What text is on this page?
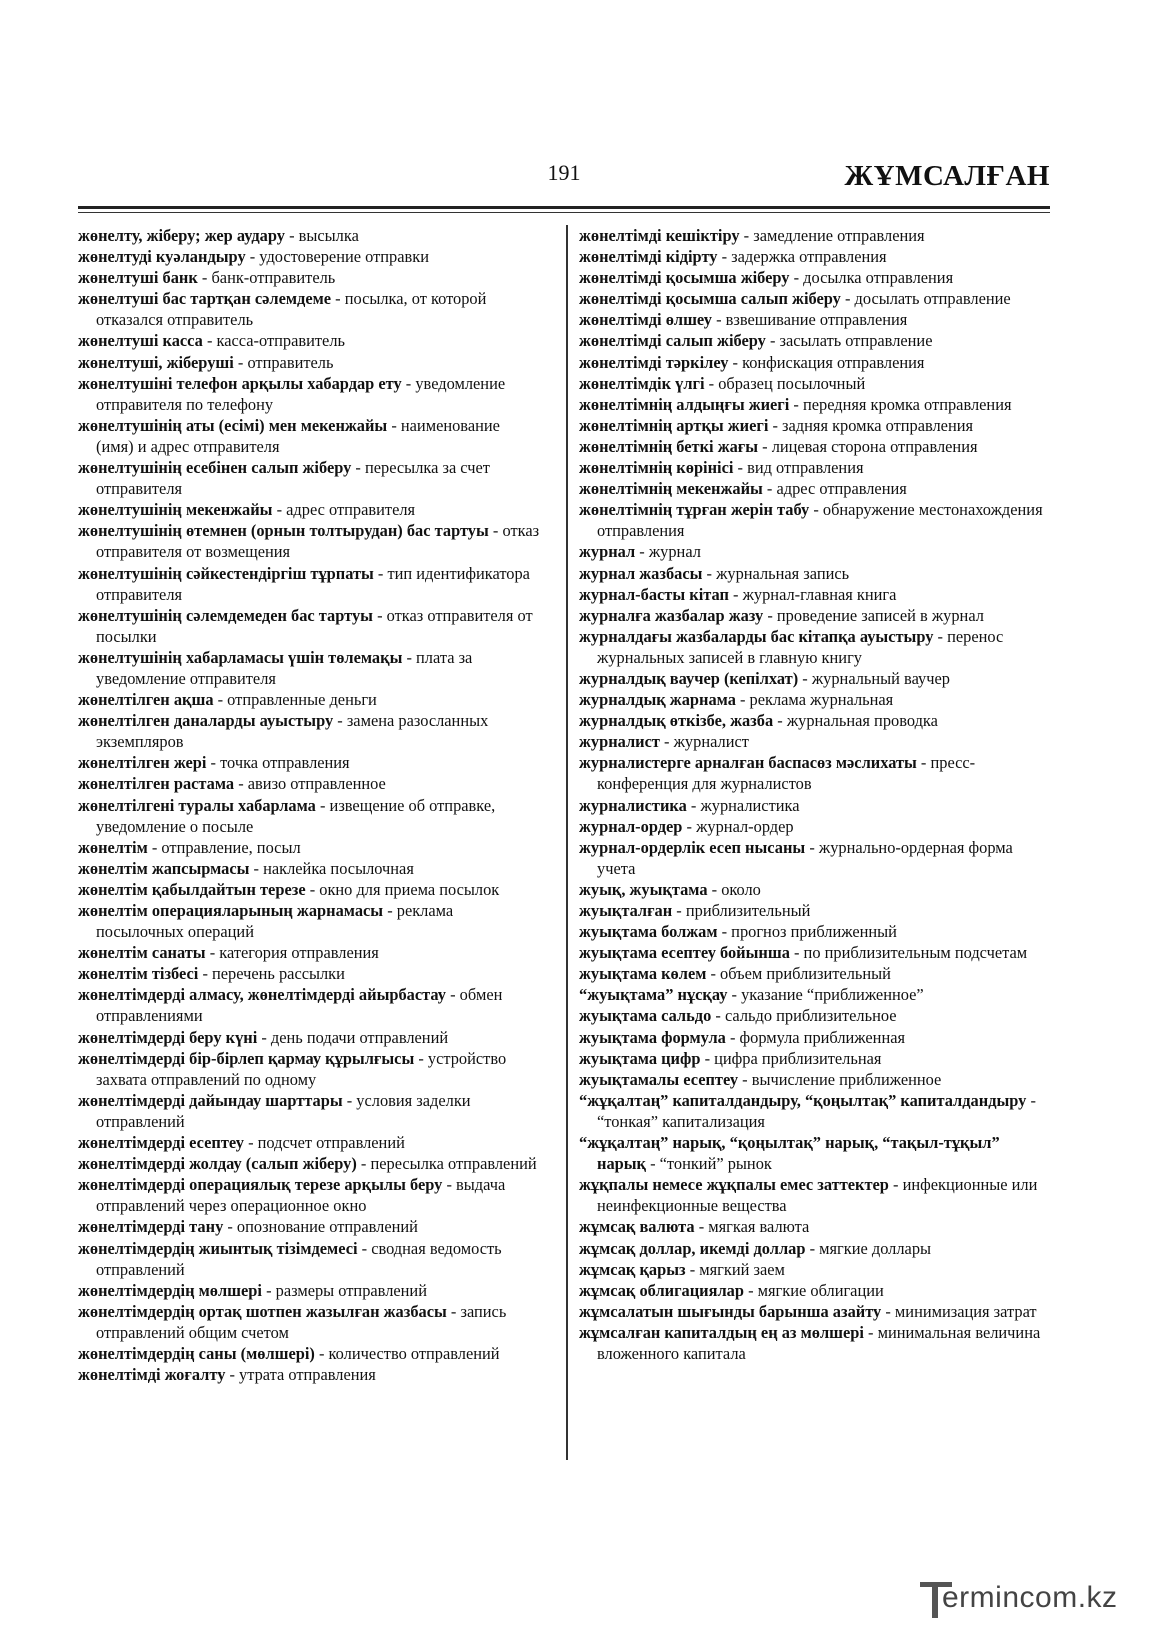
191	ЖҰМСАЛҒАН

жөнелту, жіберу; жер аудару - высылка

жөнелтуді куәландыру - удостоверение отправки

жөнелтуші банк - банк-отправитель

жөнелтуші бас тартқан сәлемдеме - посылка, от которой отказался отправитель

жөнелтуші касса - касса-отправитель

жөнелтуші, жіберуші - отправитель

жөнелтушіні телефон арқылы хабардар ету - уведомление отправителя по телефону

жөнелтушінің аты (есімі) мен мекенжайы - наименование (имя) и адрес отправителя

жөнелтушінің есебінен салып жіберу - пересылка за счет отправителя

жөнелтушінің мекенжайы - адрес отправителя

жөнелтушінің өтемнен (орнын толтырудан) бас тартуы - отказ отправителя от возмещения

жөнелтушінің сәйкестендіргіш тұрпаты - тип идентификатора отправителя

жөнелтушінің сәлемдемеден бас тартуы - отказ отправителя от посылки

жөнелтушінің хабарламасы үшін төлемақы - плата за уведомление отправителя

жөнелтілген ақша - отправленные деньги

жөнелтілген даналарды ауыстыру - замена разосланных экземпляров

жөнелтілген жері - точка отправления

жөнелтілген растама - авизо отправленное

жөнелтілгені туралы хабарлама - извещение об отправке, уведомление о посыле

жөнелтім - отправление, посыл

жөнелтім жапсырмасы - наклейка посылочная

жөнелтім қабылдайтын терезе - окно для приема посылок

жөнелтім операцияларының жарнамасы - реклама посылочных операций

жөнелтім санаты - категория отправления

жөнелтім тізбесі - перечень рассылки

жөнелтімдерді алмасу, жөнелтімдерді айырбастау - обмен отправлениями

жөнелтімдерді беру күні - день подачи отправлений

жөнелтімдерді бір-бірлеп қармау құрылғысы - устройство захвата отправлений по одному

жөнелтімдерді дайындау шарттары - условия заделки отправлений

жөнелтімдерді есептеу - подсчет отправлений

жөнелтімдерді жолдау (салып жіберу) - пересылка отправлений

жөнелтімдерді операциялық терезе арқылы беру - выдача отправлений через операционное окно

жөнелтімдерді тану - опознование отправлений

жөнелтімдердің жиынтық тізімдемесі - сводная ведомость отправлений

жөнелтімдердің мөлшері - размеры отправлений

жөнелтімдердің ортақ шотпен жазылған жазбасы - запись отправлений общим счетом

жөнелтімдердің саны (мөлшері) - количество отправлений

жөнелтімді жоғалту - утрата отправления

жөнелтімді кешіктіру - замедление отправления

жөнелтімді кідірту - задержка отправления

жөнелтімді қосымша жіберу - досылка отправления

жөнелтімді қосымша салып жіберу - досылать отправление

жөнелтімді өлшеу - взвешивание отправления

жөнелтімді салып жіберу - засылать отправление

жөнелтімді тәркілеу - конфискация отправления

жөнелтімдік үлгі - образец посылочный

жөнелтімнің алдыңғы жиегі - передняя кромка отправления

жөнелтімнің артқы жиегі - задняя кромка отправления

жөнелтімнің беткі жағы - лицевая сторона отправления

жөнелтімнің көрінісі - вид отправления

жөнелтімнің мекенжайы - адрес отправления

жөнелтімнің тұрған жерін табу - обнаружение местонахождения отправления

журнал - журнал

журнал жазбасы - журнальная запись

журнал-басты кітап - журнал-главная книга

журналға жазбалар жазу - проведение записей в журнал

журналдағы жазбаларды бас кітапқа ауыстыру - перенос журнальных записей в главную книгу

журналдық ваучер (кепілхат) - журнальный ваучер

журналдық жарнама - реклама журнальная

журналдық өткізбе, жазба - журнальная проводка

журналист - журналист

журналистерге арналған баспасөз мәслихаты - пресс-конференция для журналистов

журналистика - журналистика

журнал-ордер - журнал-ордер

журнал-ордерлік есеп нысаны - журнально-ордерная форма учета

жуық, жуықтама - около

жуықталған - приблизительный

жуықтама болжам - прогноз приближенный

жуықтама есептеу бойынша - по приблизительным подсчетам

жуықтама көлем - объем приблизительный

“жуықтама” нұсқау - указание “приближенное”

жуықтама сальдо - сальдо приблизительное

жуықтама формула - формула приближенная

жуықтама цифр - цифра приблизительная

жуықтамалы есептеу - вычисление приближенное

“жұқалтаң” капиталдандыру, “қоңылтақ” капиталдандыру - “тонкая” капитализация

“жұқалтаң” нарық, “қоңылтақ” нарық, “тақыл-тұқыл” нарық - “тонкий” рынок

жұқпалы немесе жұқпалы емес заттектер - инфекционные или неинфекционные вещества

жұмсақ валюта - мягкая валюта

жұмсақ доллар, икемді доллар - мягкие доллары

жұмсақ қарыз - мягкий заем

жұмсақ облигациялар - мягкие облигации

жұмсалатын шығынды барынша азайту - минимизация затрат

жұмсалған капиталдың ең аз мөлшері - минимальная величина вложенного капитала

ermincom.kz
